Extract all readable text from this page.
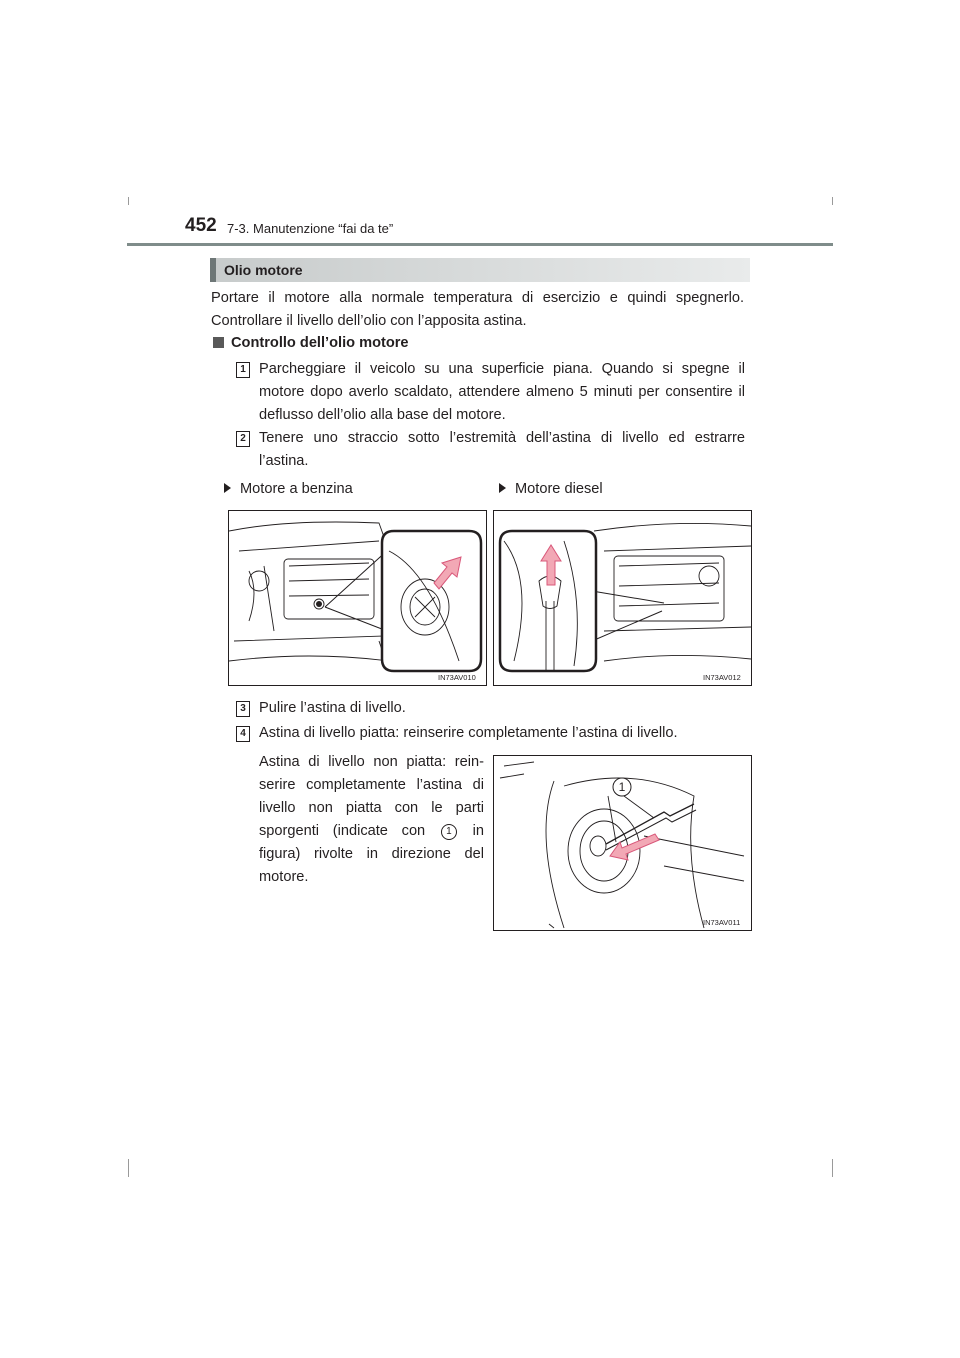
452 7-3. Manutenzione “fai da te”
Olio motore
Portare il motore alla normale temperatura di esercizio e quindi spegnerlo. Controllare il livello dell’olio con l’apposita astina.
Controllo dell’olio motore
1 Parcheggiare il veicolo su una superficie piana. Quando si spegne il motore dopo averlo scaldato, attendere almeno 5 minuti per consentire il deflusso dell’olio alla base del motore.
2 Tenere uno straccio sotto l’estremità dell’astina di livello ed estrarre l’astina.
Motore a benzina	Motore diesel
IN73AV010	IN73AV012
3 Pulire l’astina di livello.
4 Astina di livello piatta: reinserire completamente l’astina di livello.
Astina di livello non piatta: rein-serire completamente l’astina di livello non piatta con le parti sporgenti (indicate con 1 in figura) rivolte in direzione del motore.
1
IN73AV011
